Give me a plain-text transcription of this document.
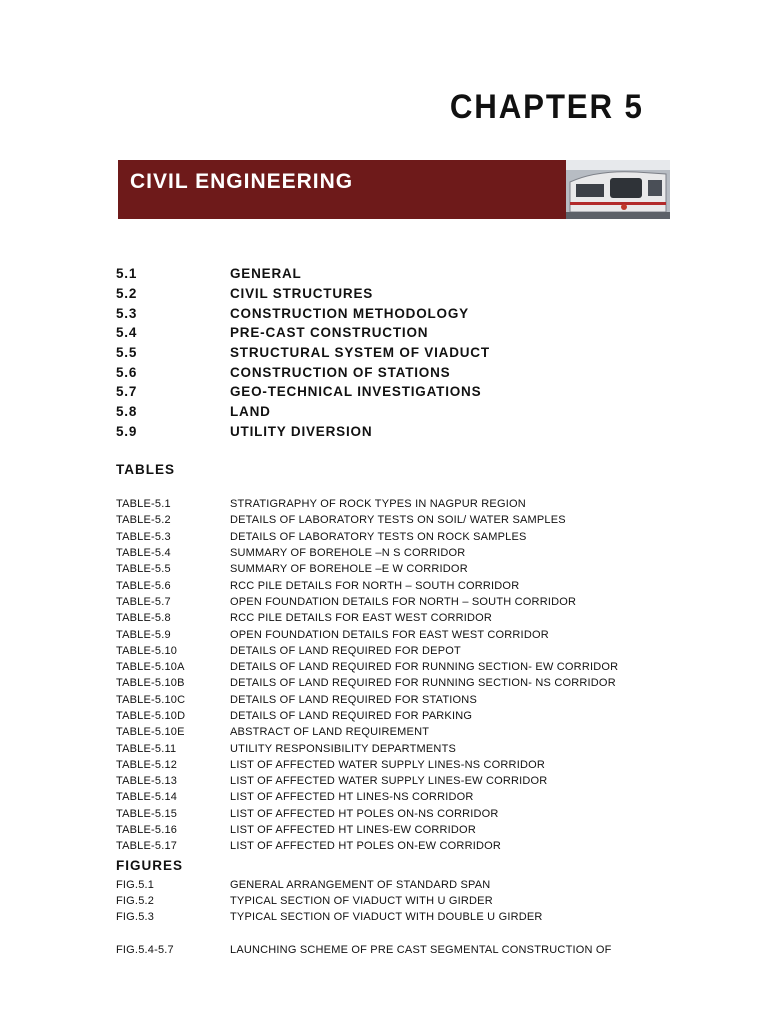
CHAPTER 5
CIVIL ENGINEERING
5.1	GENERAL
5.2	CIVIL STRUCTURES
5.3	CONSTRUCTION METHODOLOGY
5.4	PRE-CAST CONSTRUCTION
5.5	STRUCTURAL SYSTEM OF VIADUCT
5.6	CONSTRUCTION OF STATIONS
5.7	GEO-TECHNICAL INVESTIGATIONS
5.8	LAND
5.9	UTILITY DIVERSION
TABLES
TABLE-5.1	STRATIGRAPHY OF ROCK TYPES IN NAGPUR REGION
TABLE-5.2	DETAILS OF LABORATORY TESTS ON SOIL/ WATER SAMPLES
TABLE-5.3	DETAILS OF LABORATORY TESTS ON ROCK SAMPLES
TABLE-5.4	SUMMARY OF BOREHOLE –N S CORRIDOR
TABLE-5.5	SUMMARY OF BOREHOLE –E W CORRIDOR
TABLE-5.6	RCC PILE DETAILS FOR NORTH – SOUTH CORRIDOR
TABLE-5.7	OPEN FOUNDATION DETAILS FOR NORTH – SOUTH CORRIDOR
TABLE-5.8	RCC PILE DETAILS FOR EAST WEST CORRIDOR
TABLE-5.9	OPEN FOUNDATION DETAILS FOR EAST WEST CORRIDOR
TABLE-5.10	DETAILS OF LAND REQUIRED FOR DEPOT
TABLE-5.10A	DETAILS OF LAND REQUIRED FOR RUNNING SECTION- EW CORRIDOR
TABLE-5.10B	DETAILS OF LAND REQUIRED FOR RUNNING SECTION- NS CORRIDOR
TABLE-5.10C	DETAILS OF LAND REQUIRED FOR STATIONS
TABLE-5.10D	DETAILS OF LAND REQUIRED FOR PARKING
TABLE-5.10E	ABSTRACT OF LAND REQUIREMENT
TABLE-5.11	UTILITY RESPONSIBILITY DEPARTMENTS
TABLE-5.12	LIST OF AFFECTED WATER SUPPLY LINES-NS CORRIDOR
TABLE-5.13	LIST OF AFFECTED WATER SUPPLY LINES-EW CORRIDOR
TABLE-5.14	LIST OF AFFECTED HT LINES-NS CORRIDOR
TABLE-5.15	LIST OF AFFECTED HT POLES ON-NS CORRIDOR
TABLE-5.16	LIST OF AFFECTED HT LINES-EW CORRIDOR
TABLE-5.17	LIST OF AFFECTED HT POLES ON-EW CORRIDOR
FIGURES
FIG.5.1	GENERAL ARRANGEMENT OF STANDARD SPAN
FIG.5.2	TYPICAL SECTION OF VIADUCT WITH U GIRDER
FIG.5.3	TYPICAL SECTION OF VIADUCT WITH DOUBLE U GIRDER
FIG.5.4-5.7	LAUNCHING SCHEME OF PRE CAST SEGMENTAL CONSTRUCTION OF
